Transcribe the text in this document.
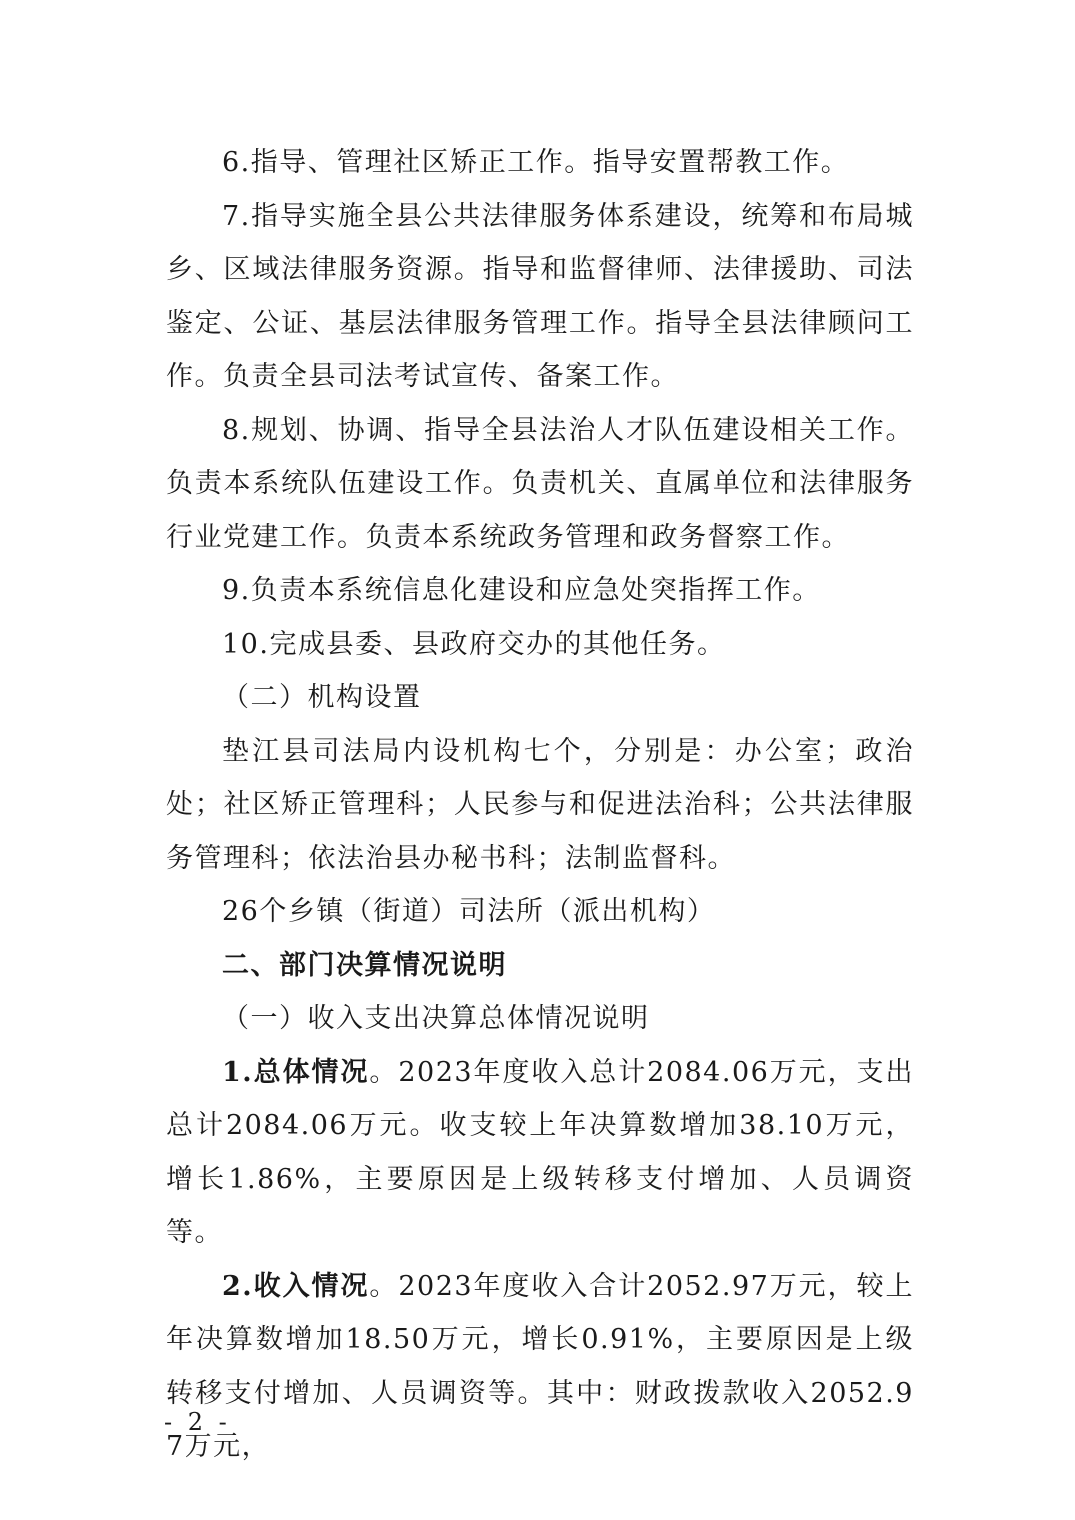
6.指导、管理社区矫正工作。指导安置帮教工作。

7.指导实施全县公共法律服务体系建设，统筹和布局城乡、区域法律服务资源。指导和监督律师、法律援助、司法鉴定、公证、基层法律服务管理工作。指导全县法律顾问工作。负责全县司法考试宣传、备案工作。

8.规划、协调、指导全县法治人才队伍建设相关工作。负责本系统队伍建设工作。负责机关、直属单位和法律服务行业党建工作。负责本系统政务管理和政务督察工作。

9.负责本系统信息化建设和应急处突指挥工作。

10.完成县委、县政府交办的其他任务。

（二）机构设置

垫江县司法局内设机构七个，分别是：办公室；政治处；社区矫正管理科；人民参与和促进法治科；公共法律服务管理科；依法治县办秘书科；法制监督科。

26个乡镇（街道）司法所（派出机构）

二、部门决算情况说明

（一）收入支出决算总体情况说明

1.总体情况。2023年度收入总计2084.06万元，支出总计2084.06万元。收支较上年决算数增加38.10万元，增长1.86%，主要原因是上级转移支付增加、人员调资等。

2.收入情况。2023年度收入合计2052.97万元，较上年决算数增加18.50万元，增长0.91%，主要原因是上级转移支付增加、人员调资等。其中：财政拨款收入2052.97万元，

- 2 -
